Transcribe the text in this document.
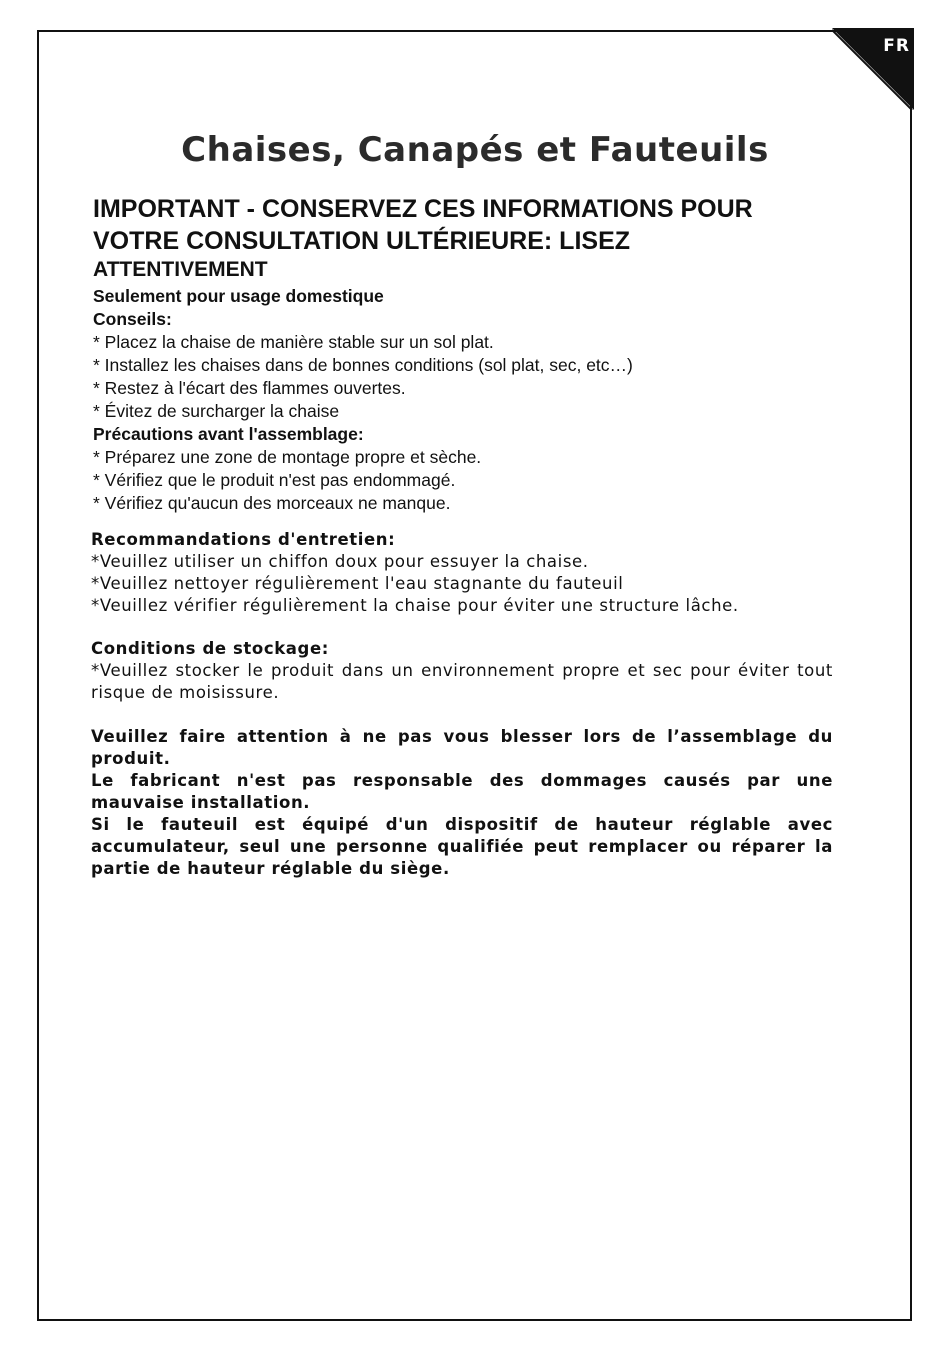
FR
Chaises, Canapés et Fauteuils

IMPORTANT - CONSERVEZ CES INFORMATIONS POUR

VOTRE CONSULTATION ULTÉRIEURE: LISEZ

ATTENTIVEMENT

Seulement pour usage domestique

Conseils:

* Placez la chaise de manière stable sur un sol plat.

* Installez les chaises dans de bonnes conditions (sol plat, sec, etc…)

* Restez à l'écart des flammes ouvertes.

* Évitez de surcharger la chaise

Précautions avant l'assemblage:

* Préparez une zone de montage propre et sèche.

* Vérifiez que le produit n'est pas endommagé.

* Vérifiez qu'aucun des morceaux ne manque.

Recommandations d'entretien:

*Veuillez utiliser un chiffon doux pour essuyer la chaise.

*Veuillez nettoyer régulièrement l'eau stagnante du fauteuil

*Veuillez vérifier régulièrement la chaise pour éviter une structure lâche.

Conditions de stockage:

*Veuillez stocker le produit dans un environnement propre et sec pour éviter tout risque de moisissure.

Veuillez faire attention à ne pas vous blesser lors de l’assemblage du produit.

Le fabricant n'est pas responsable des dommages causés par une mauvaise installation.

Si le fauteuil est équipé d'un dispositif de hauteur réglable avec accumulateur, seul une personne qualifiée peut remplacer ou réparer la partie de hauteur réglable du siège.
